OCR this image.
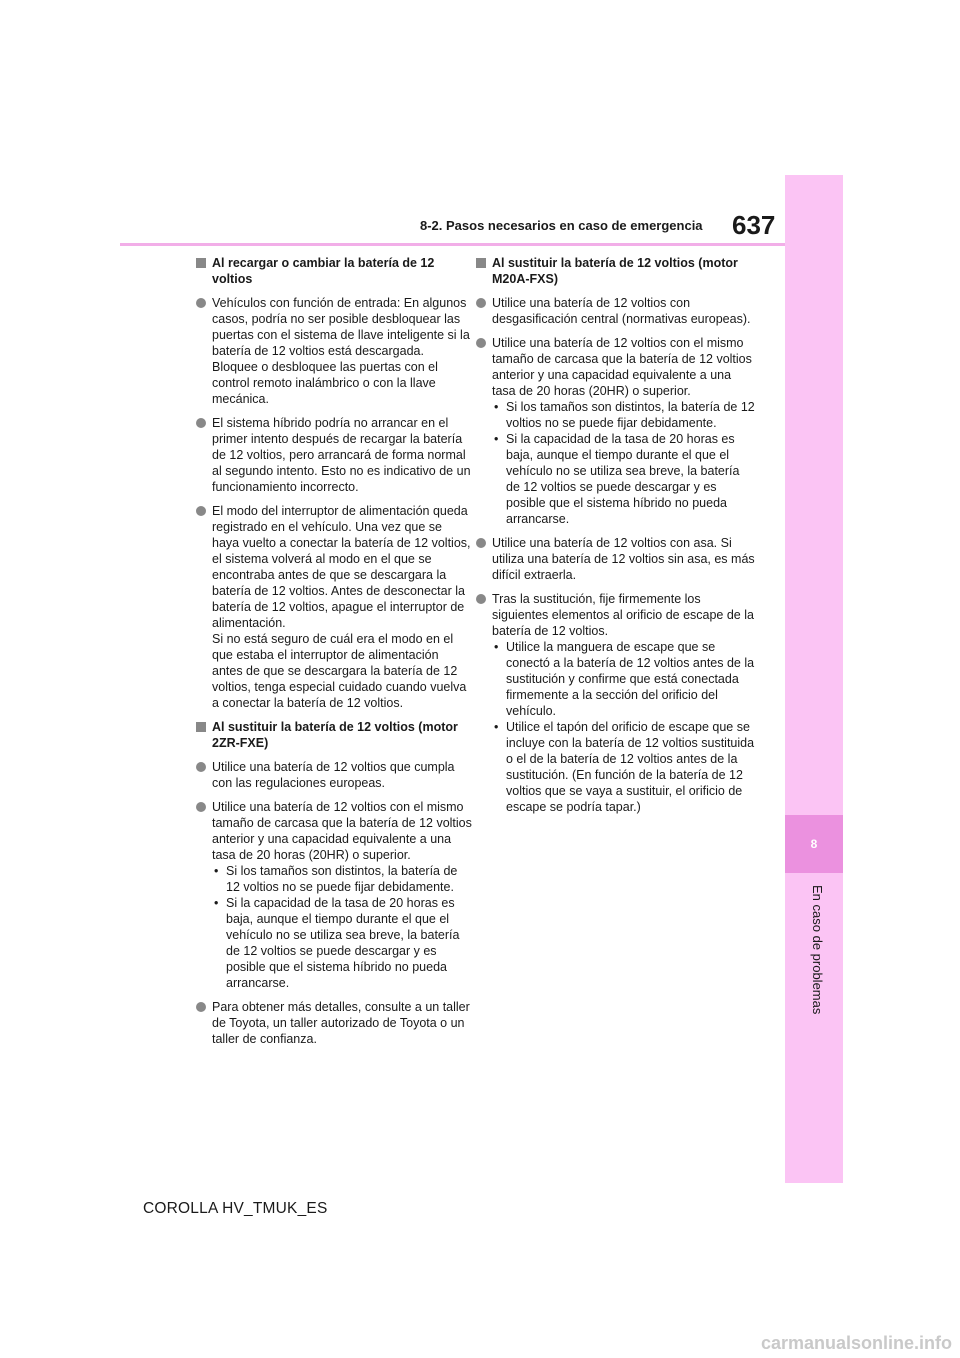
8-2. Pasos necesarios en caso de emergencia 637
8
En caso de problemas
Al recargar o cambiar la batería de 12 voltios
Vehículos con función de entrada: En algunos casos, podría no ser posible desbloquear las puertas con el sistema de llave inteligente si la batería de 12 voltios está descargada. Bloquee o desbloquee las puertas con el control remoto inalámbrico o con la llave mecánica.
El sistema híbrido podría no arrancar en el primer intento después de recargar la batería de 12 voltios, pero arrancará de forma normal al segundo intento. Esto no es indicativo de un funcionamiento incorrecto.
El modo del interruptor de alimentación queda registrado en el vehículo. Una vez que se haya vuelto a conectar la batería de 12 voltios, el sistema volverá al modo en el que se encontraba antes de que se descargara la batería de 12 voltios. Antes de desconectar la batería de 12 voltios, apague el interruptor de alimentación.
Si no está seguro de cuál era el modo en el que estaba el interruptor de alimentación antes de que se descargara la batería de 12 voltios, tenga especial cuidado cuando vuelva a conectar la batería de 12 voltios.
Al sustituir la batería de 12 voltios (motor 2ZR-FXE)
Utilice una batería de 12 voltios que cumpla con las regulaciones europeas.
Utilice una batería de 12 voltios con el mismo tamaño de carcasa que la batería de 12 voltios anterior y una capacidad equivalente a una tasa de 20 horas (20HR) o superior.
• Si los tamaños son distintos, la batería de 12 voltios no se puede fijar debidamente.
• Si la capacidad de la tasa de 20 horas es baja, aunque el tiempo durante el que el vehículo no se utiliza sea breve, la batería de 12 voltios se puede descargar y es posible que el sistema híbrido no pueda arrancarse.
Para obtener más detalles, consulte a un taller de Toyota, un taller autorizado de Toyota o un taller de confianza.
Al sustituir la batería de 12 voltios (motor M20A-FXS)
Utilice una batería de 12 voltios con desgasificación central (normativas europeas).
Utilice una batería de 12 voltios con el mismo tamaño de carcasa que la batería de 12 voltios anterior y una capacidad equivalente a una tasa de 20 horas (20HR) o superior.
• Si los tamaños son distintos, la batería de 12 voltios no se puede fijar debidamente.
• Si la capacidad de la tasa de 20 horas es baja, aunque el tiempo durante el que el vehículo no se utiliza sea breve, la batería de 12 voltios se puede descargar y es posible que el sistema híbrido no pueda arrancarse.
Utilice una batería de 12 voltios con asa. Si utiliza una batería de 12 voltios sin asa, es más difícil extraerla.
Tras la sustitución, fije firmemente los siguientes elementos al orificio de escape de la batería de 12 voltios.
• Utilice la manguera de escape que se conectó a la batería de 12 voltios antes de la sustitución y confirme que está conectada firmemente a la sección del orificio del vehículo.
• Utilice el tapón del orificio de escape que se incluye con la batería de 12 voltios sustituida o el de la batería de 12 voltios antes de la sustitución. (En función de la batería de 12 voltios que se vaya a sustituir, el orificio de escape se podría tapar.)
COROLLA HV_TMUK_ES
carmanualsonline.info
